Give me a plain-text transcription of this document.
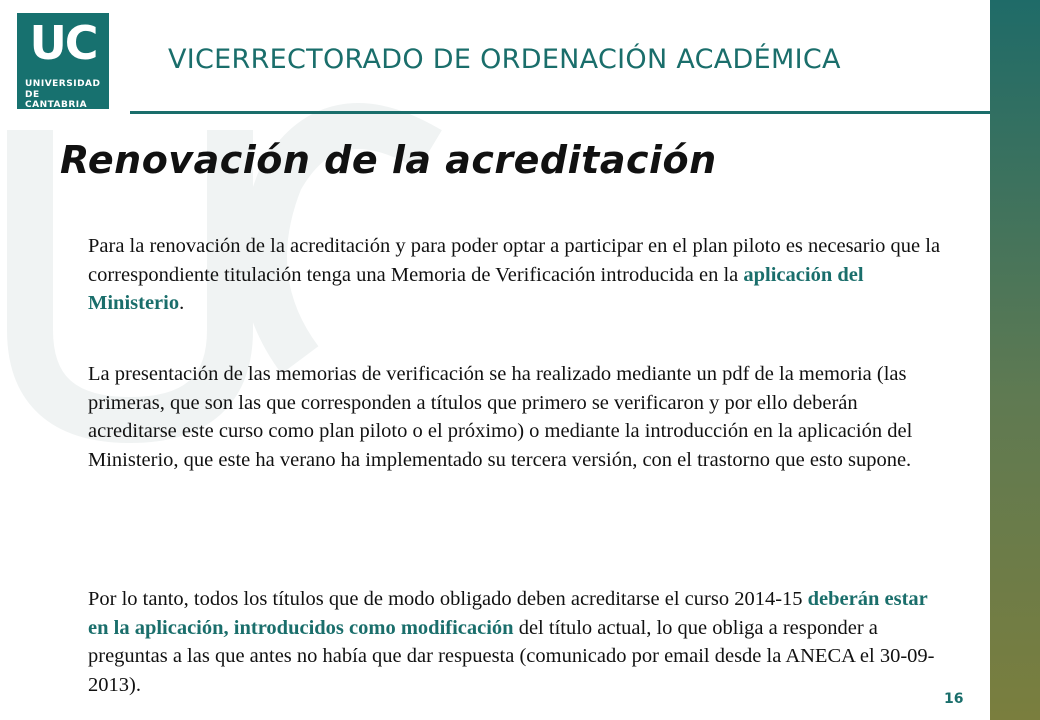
UC
UNIVERSIDAD
DE CANTABRIA
VICERRECTORADO DE ORDENACIÓN ACADÉMICA
Renovación de la acreditación
Para la renovación de la acreditación y para poder optar a participar en el plan piloto es necesario que la correspondiente titulación tenga una Memoria de Verificación introducida en la aplicación del Ministerio.
La presentación de las memorias de verificación se ha realizado mediante un pdf de la memoria (las primeras, que son las que corresponden a títulos que primero se verificaron y por ello deberán acreditarse este curso como plan piloto o el próximo) o mediante la introducción en la aplicación del Ministerio, que este ha verano ha implementado su tercera versión, con el trastorno que esto supone.
Por lo tanto, todos los títulos que de modo obligado deben acreditarse el curso 2014-15 deberán estar en la aplicación, introducidos como modificación del título actual, lo que obliga a responder a preguntas a las que antes no había que dar respuesta (comunicado por email desde la ANECA el 30-09-2013).
16
